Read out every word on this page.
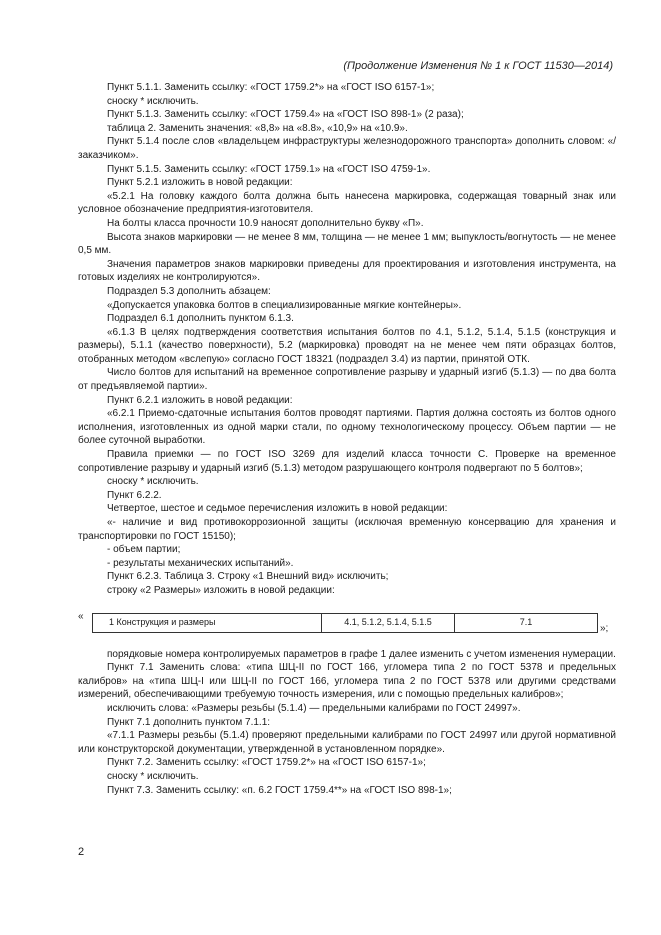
(Продолжение Изменения № 1 к ГОСТ 11530—2014)

Пункт 5.1.1. Заменить ссылку: «ГОСТ 1759.2*» на «ГОСТ ISO 6157-1»;

сноску * исключить.

Пункт 5.1.3. Заменить ссылку: «ГОСТ 1759.4» на «ГОСТ ISO 898-1» (2 раза);

таблица 2. Заменить значения: «8,8» на «8.8», «10,9» на «10.9».

Пункт 5.1.4 после слов «владельцем инфраструктуры железнодорожного транспорта» дополнить словом: «/заказчиком».

Пункт 5.1.5. Заменить ссылку: «ГОСТ 1759.1» на «ГОСТ ISO 4759-1».

Пункт 5.2.1 изложить в новой редакции:

«5.2.1 На головку каждого болта должна быть нанесена маркировка, содержащая товарный знак или условное обозначение предприятия-изготовителя.

На болты класса прочности 10.9 наносят дополнительно букву «П».

Высота знаков маркировки — не менее 8 мм, толщина — не менее 1 мм; выпуклость/вогнутость — не менее 0,5 мм.

Значения параметров знаков маркировки приведены для проектирования и изготовления инструмента, на готовых изделиях не контролируются».

Подраздел 5.3 дополнить абзацем:

«Допускается упаковка болтов в специализированные мягкие контейнеры».

Подраздел 6.1 дополнить пунктом 6.1.3.

«6.1.3 В целях подтверждения соответствия испытания болтов по 4.1, 5.1.2, 5.1.4, 5.1.5 (конструкция и размеры), 5.1.1 (качество поверхности), 5.2 (маркировка) проводят на не менее чем пяти образцах болтов, отобранных методом «вслепую» согласно ГОСТ 18321 (подраздел 3.4) из партии, принятой ОТК.

Число болтов для испытаний на временное сопротивление разрыву и ударный изгиб (5.1.3) — по два болта от предъявляемой партии».

Пункт 6.2.1 изложить в новой редакции:

«6.2.1 Приемо-сдаточные испытания болтов проводят партиями. Партия должна состоять из болтов одного исполнения, изготовленных из одной марки стали, по одному технологическому процессу. Объем партии — не более суточной выработки.

Правила приемки — по ГОСТ ISO 3269 для изделий класса точности С. Проверке на временное сопротивление разрыву и ударный изгиб (5.1.3) методом разрушающего контроля подвергают по 5 болтов»;

сноску * исключить.

Пункт 6.2.2.

Четвертое, шестое и седьмое перечисления изложить в новой редакции:

«- наличие и вид противокоррозионной защиты (исключая временную консервацию для хранения и транспортировки по ГОСТ 15150);

- объем партии;

- результаты механических испытаний».

Пункт 6.2.3. Таблица 3. Строку «1 Внешний вид» исключить;

строку «2 Размеры» изложить в новой редакции:

«
1 Конструкция и размеры	4.1, 5.1.2, 5.1.4, 5.1.5	7.1
»;

порядковые номера контролируемых параметров в графе 1 далее изменить с учетом изменения нумерации.

Пункт 7.1 Заменить слова: «типа ШЦ-II по ГОСТ 166, угломера типа 2 по ГОСТ 5378 и предельных калибров» на «типа ШЦ-I или ШЦ-II по ГОСТ 166, угломера типа 2 по ГОСТ 5378 или другими средствами измерений, обеспечивающими требуемую точность измерения, или с помощью предельных калибров»;

исключить слова: «Размеры резьбы (5.1.4) — предельными калибрами по ГОСТ 24997».

Пункт 7.1 дополнить пунктом 7.1.1:

«7.1.1 Размеры резьбы (5.1.4) проверяют предельными калибрами по ГОСТ 24997 или другой нормативной или конструкторской документации, утвержденной в установленном порядке».

Пункт 7.2. Заменить ссылку: «ГОСТ 1759.2*» на «ГОСТ ISO 6157-1»;

сноску * исключить.

Пункт 7.3. Заменить ссылку: «п. 6.2 ГОСТ 1759.4**» на «ГОСТ ISO 898-1»;

2
